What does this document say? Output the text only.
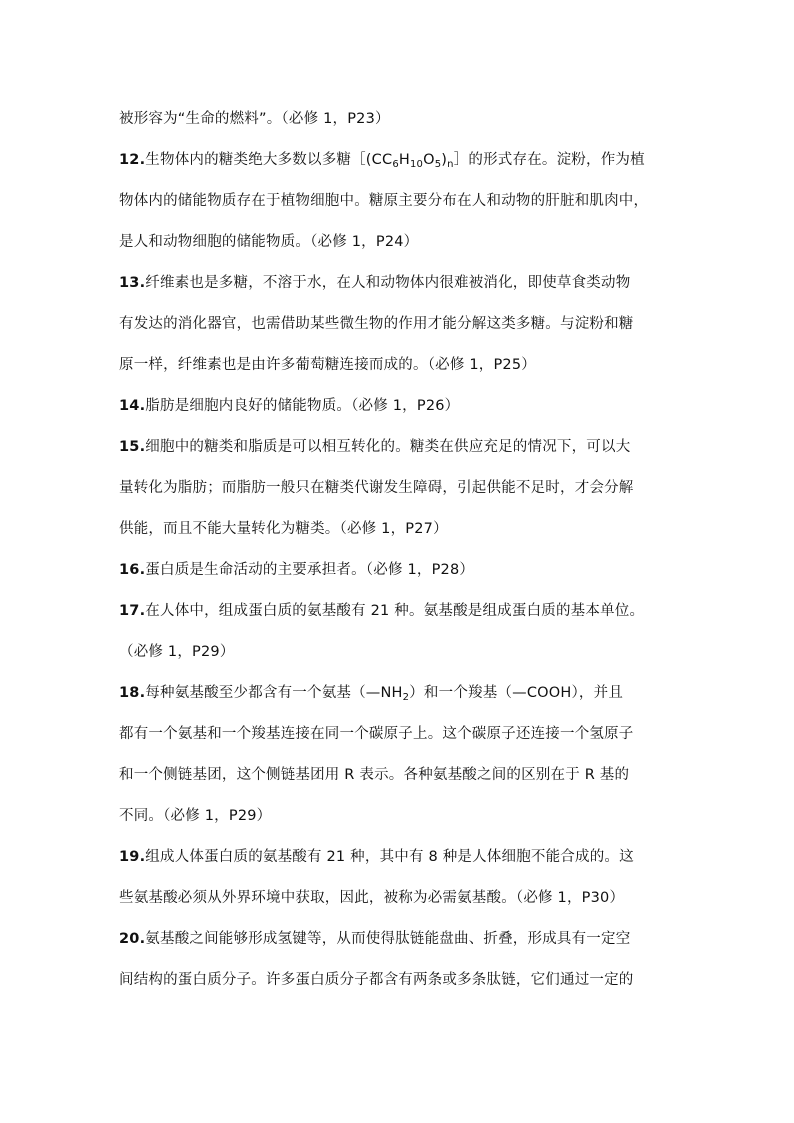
被形容为“生命的燃料”。（必修 1，P23）
12.生物体内的糖类绝大多数以多糖$[(CC_6H_{10}O_5)_n]$的形式存在。淀粉，作为植
物体内的储能物质存在于植物细胞中。糖原主要分布在人和动物的肝脏和肌肉中，
是人和动物细胞的储能物质。（必修 1，P24）
13.纤维素也是多糖，不溶于水，在人和动物体内很难被消化，即使草食类动物
有发达的消化器官，也需借助某些微生物的作用才能分解这类多糖。与淀粉和糖
原一样，纤维素也是由许多葡萄糖连接而成的。（必修 1，P25）
14.脂肪是细胞内良好的储能物质。（必修 1，P26）
15.细胞中的糖类和脂质是可以相互转化的。糖类在供应充足的情况下，可以大
量转化为脂肪；而脂肪一般只在糖类代谢发生障碍，引起供能不足时，才会分解
供能，而且不能大量转化为糖类。（必修 1，P27）
16.蛋白质是生命活动的主要承担者。（必修 1，P28）
17.在人体中，组成蛋白质的氨基酸有 21 种。氨基酸是组成蛋白质的基本单位。
（必修 1，P29）
18.每种氨基酸至少都含有一个氨基$(—NH_2)$和一个羧基（—COOH），并且
都有一个氨基和一个羧基连接在同一个碳原子上。这个碳原子还连接一个氢原子
和一个侧链基团，这个侧链基团用 R 表示。各种氨基酸之间的区别在于 R 基的
不同。（必修 1，P29）
19.组成人体蛋白质的氨基酸有 21 种，其中有 8 种是人体细胞不能合成的。这
些氨基酸必须从外界环境中获取，因此，被称为必需氨基酸。（必修 1，P30）
20.氨基酸之间能够形成氢键等，从而使得肽链能盘曲、折叠，形成具有一定空
间结构的蛋白质分子。许多蛋白质分子都含有两条或多条肽链，它们通过一定的
